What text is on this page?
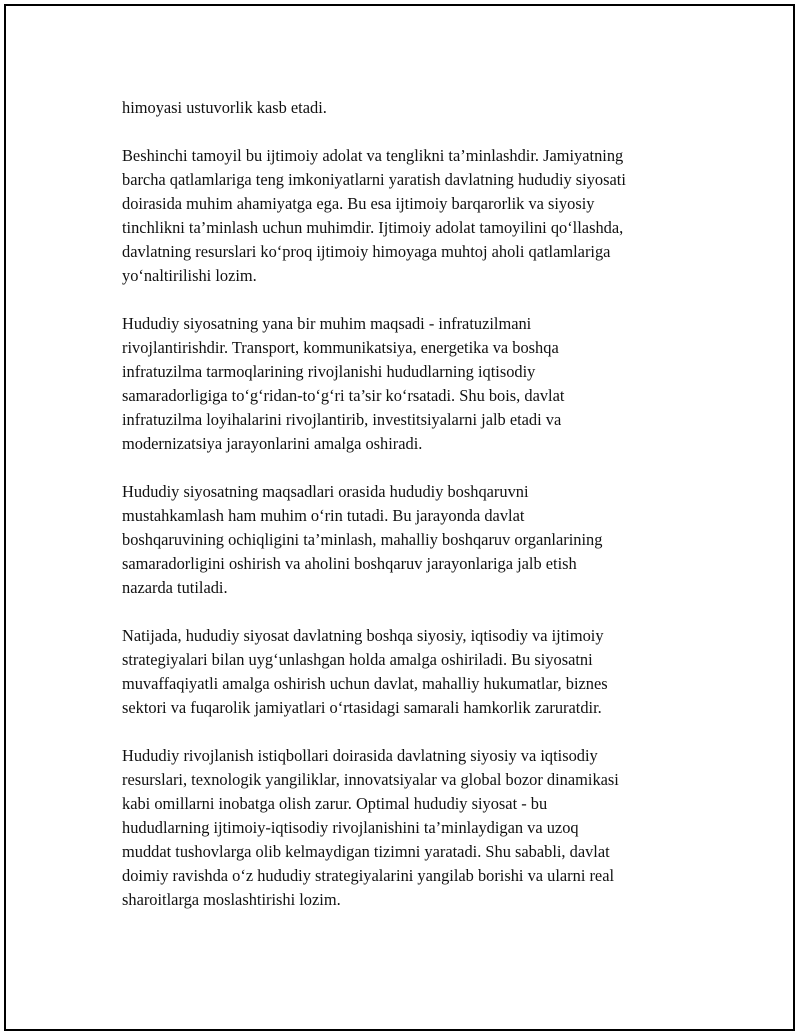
himoyasi ustuvorlik kasb etadi.

Beshinchi tamoyil bu ijtimoiy adolat va tenglikni ta’minlashdir. Jamiyatning
barcha qatlamlariga teng imkoniyatlarni yaratish davlatning hududiy siyosati
doirasida muhim ahamiyatga ega. Bu esa ijtimoiy barqarorlik va siyosiy
tinchlikni ta’minlash uchun muhimdir. Ijtimoiy adolat tamoyilini qo‘llashda,
davlatning resurslari ko‘proq ijtimoiy himoyaga muhtoj aholi qatlamlariga
yo‘naltirilishi lozim.

Hududiy siyosatning yana bir muhim maqsadi - infratuzilmani
rivojlantirishdir. Transport, kommunikatsiya, energetika va boshqa
infratuzilma tarmoqlarining rivojlanishi hududlarning iqtisodiy
samaradorligiga to‘g‘ridan-to‘g‘ri ta’sir ko‘rsatadi. Shu bois, davlat
infratuzilma loyihalarini rivojlantirib, investitsiyalarni jalb etadi va
modernizatsiya jarayonlarini amalga oshiradi.

Hududiy siyosatning maqsadlari orasida hududiy boshqaruvni
mustahkamlash ham muhim o‘rin tutadi. Bu jarayonda davlat
boshqaruvining ochiqligini ta’minlash, mahalliy boshqaruv organlarining
samaradorligini oshirish va aholini boshqaruv jarayonlariga jalb etish
nazarda tutiladi.

Natijada, hududiy siyosat davlatning boshqa siyosiy, iqtisodiy va ijtimoiy
strategiyalari bilan uyg‘unlashgan holda amalga oshiriladi. Bu siyosatni
muvaffaqiyatli amalga oshirish uchun davlat, mahalliy hukumatlar, biznes
sektori va fuqarolik jamiyatlari o‘rtasidagi samarali hamkorlik zaruratdir.

Hududiy rivojlanish istiqbollari doirasida davlatning siyosiy va iqtisodiy
resurslari, texnologik yangiliklar, innovatsiyalar va global bozor dinamikasi
kabi omillarni inobatga olish zarur. Optimal hududiy siyosat - bu
hududlarning ijtimoiy-iqtisodiy rivojlanishini ta’minlaydigan va uzoq
muddat tushovlarga olib kelmaydigan tizimni yaratadi. Shu sababli, davlat
doimiy ravishda o‘z hududiy strategiyalarini yangilab borishi va ularni real
sharoitlarga moslashtirishi lozim.
